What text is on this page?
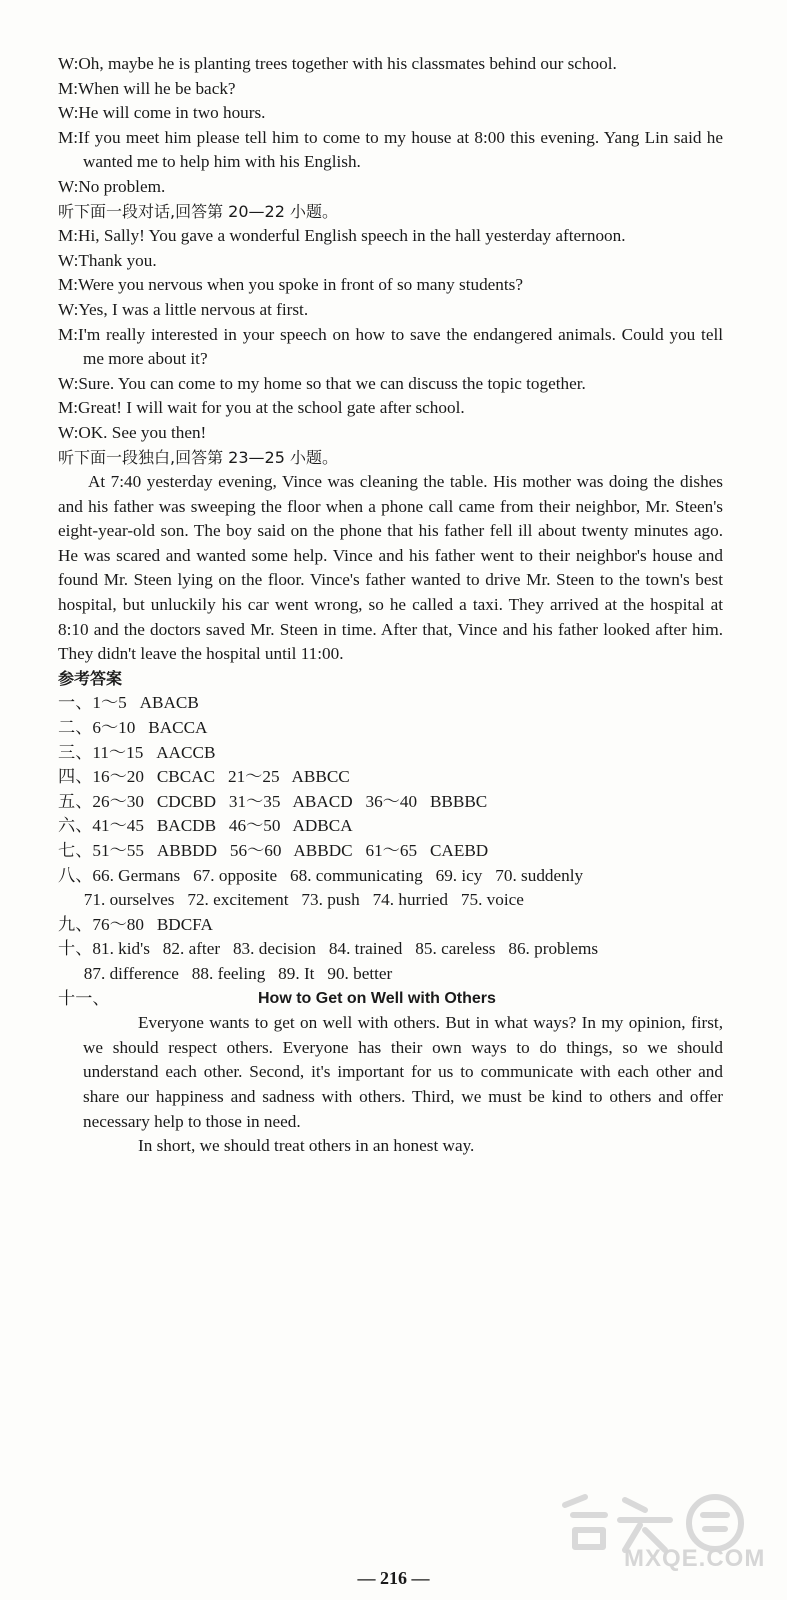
W:Oh, maybe he is planting trees together with his classmates behind our school.
M:When will he be back?
W:He will come in two hours.
M:If you meet him please tell him to come to my house at 8:00 this evening. Yang Lin said he wanted me to help him with his English.
W:No problem.
听下面一段对话,回答第 20—22 小题。
M:Hi, Sally! You gave a wonderful English speech in the hall yesterday afternoon.
W:Thank you.
M:Were you nervous when you spoke in front of so many students?
W:Yes, I was a little nervous at first.
M:I'm really interested in your speech on how to save the endangered animals. Could you tell me more about it?
W:Sure. You can come to my home so that we can discuss the topic together.
M:Great! I will wait for you at the school gate after school.
W:OK. See you then!
听下面一段独白,回答第 23—25 小题。
At 7:40 yesterday evening, Vince was cleaning the table. His mother was doing the dishes and his father was sweeping the floor when a phone call came from their neighbor, Mr. Steen's eight-year-old son. The boy said on the phone that his father fell ill about twenty minutes ago. He was scared and wanted some help. Vince and his father went to their neighbor's house and found Mr. Steen lying on the floor. Vince's father wanted to drive Mr. Steen to the town's best hospital, but unluckily his car went wrong, so he called a taxi. They arrived at the hospital at 8:10 and the doctors saved Mr. Steen in time. After that, Vince and his father looked after him. They didn't leave the hospital until 11:00.
参考答案
一、1～5   ABACB
二、6～10   BACCA
三、11～15   AACCB
四、16～20   CBCAC   21～25   ABBCC
五、26～30   CDCBD   31～35   ABACD   36～40   BBBBC
六、41～45   BACDB   46～50   ADBCA
七、51～55   ABBDD   56～60   ABBDC   61～65   CAEBD
八、66. Germans   67. opposite   68. communicating   69. icy   70. suddenly
71. ourselves   72. excitement   73. push   74. hurried   75. voice
九、76～80   BDCFA
十、81. kid's   82. after   83. decision   84. trained   85. careless   86. problems
87. difference   88. feeling   89. It   90. better
十一、	How to Get on Well with Others
Everyone wants to get on well with others. But in what ways? In my opinion, first, we should respect others. Everyone has their own ways to do things, so we should understand each other. Second, it's important for us to communicate with each other and share our happiness and sadness with others. Third, we must be kind to others and offer necessary help to those in need.
In short, we should treat others in an honest way.
MXQE.COM
— 216 —
